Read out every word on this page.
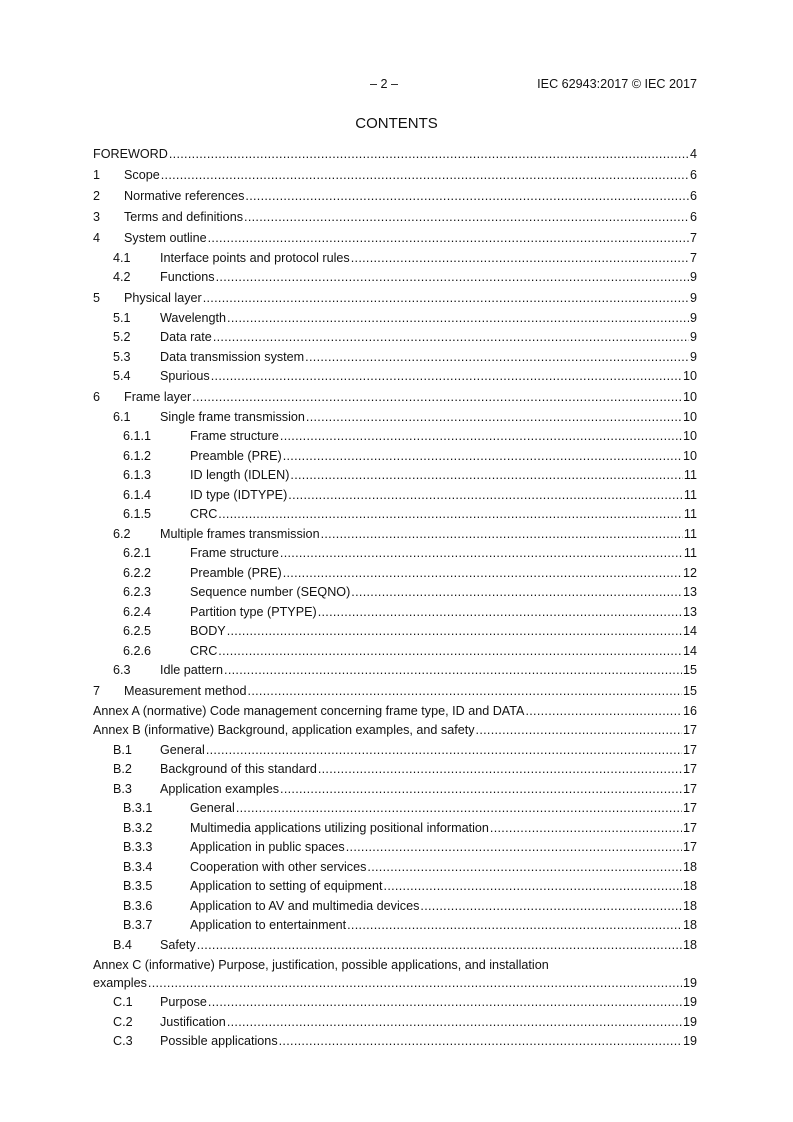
– 2 –	IEC 62943:2017 © IEC 2017
CONTENTS
FOREWORD .....	4
1	Scope .....	6
2	Normative references .....	6
3	Terms and definitions .....	6
4	System outline .....	7
4.1	Interface points and protocol rules .....	7
4.2	Functions .....	9
5	Physical layer .....	9
5.1	Wavelength .....	9
5.2	Data rate .....	9
5.3	Data transmission system .....	9
5.4	Spurious .....	10
6	Frame layer .....	10
6.1	Single frame transmission .....	10
6.1.1	Frame structure .....	10
6.1.2	Preamble (PRE) .....	10
6.1.3	ID length (IDLEN) .....	11
6.1.4	ID type (IDTYPE) .....	11
6.1.5	CRC .....	11
6.2	Multiple frames transmission .....	11
6.2.1	Frame structure .....	11
6.2.2	Preamble (PRE) .....	12
6.2.3	Sequence number (SEQNO) .....	13
6.2.4	Partition type (PTYPE) .....	13
6.2.5	BODY .....	14
6.2.6	CRC .....	14
6.3	Idle pattern .....	15
7	Measurement method .....	15
Annex A (normative) Code management concerning frame type, ID and DATA .....	16
Annex B (informative) Background, application examples, and safety .....	17
B.1	General .....	17
B.2	Background of this standard .....	17
B.3	Application examples .....	17
B.3.1	General .....	17
B.3.2	Multimedia applications utilizing positional information .....	17
B.3.3	Application in public spaces .....	17
B.3.4	Cooperation with other services .....	18
B.3.5	Application to setting of equipment .....	18
B.3.6	Application to AV and multimedia devices .....	18
B.3.7	Application to entertainment .....	18
B.4	Safety .....	18
Annex C (informative) Purpose, justification, possible applications, and installation
examples .....	19
C.1	Purpose .....	19
C.2	Justification .....	19
C.3	Possible applications .....	19
